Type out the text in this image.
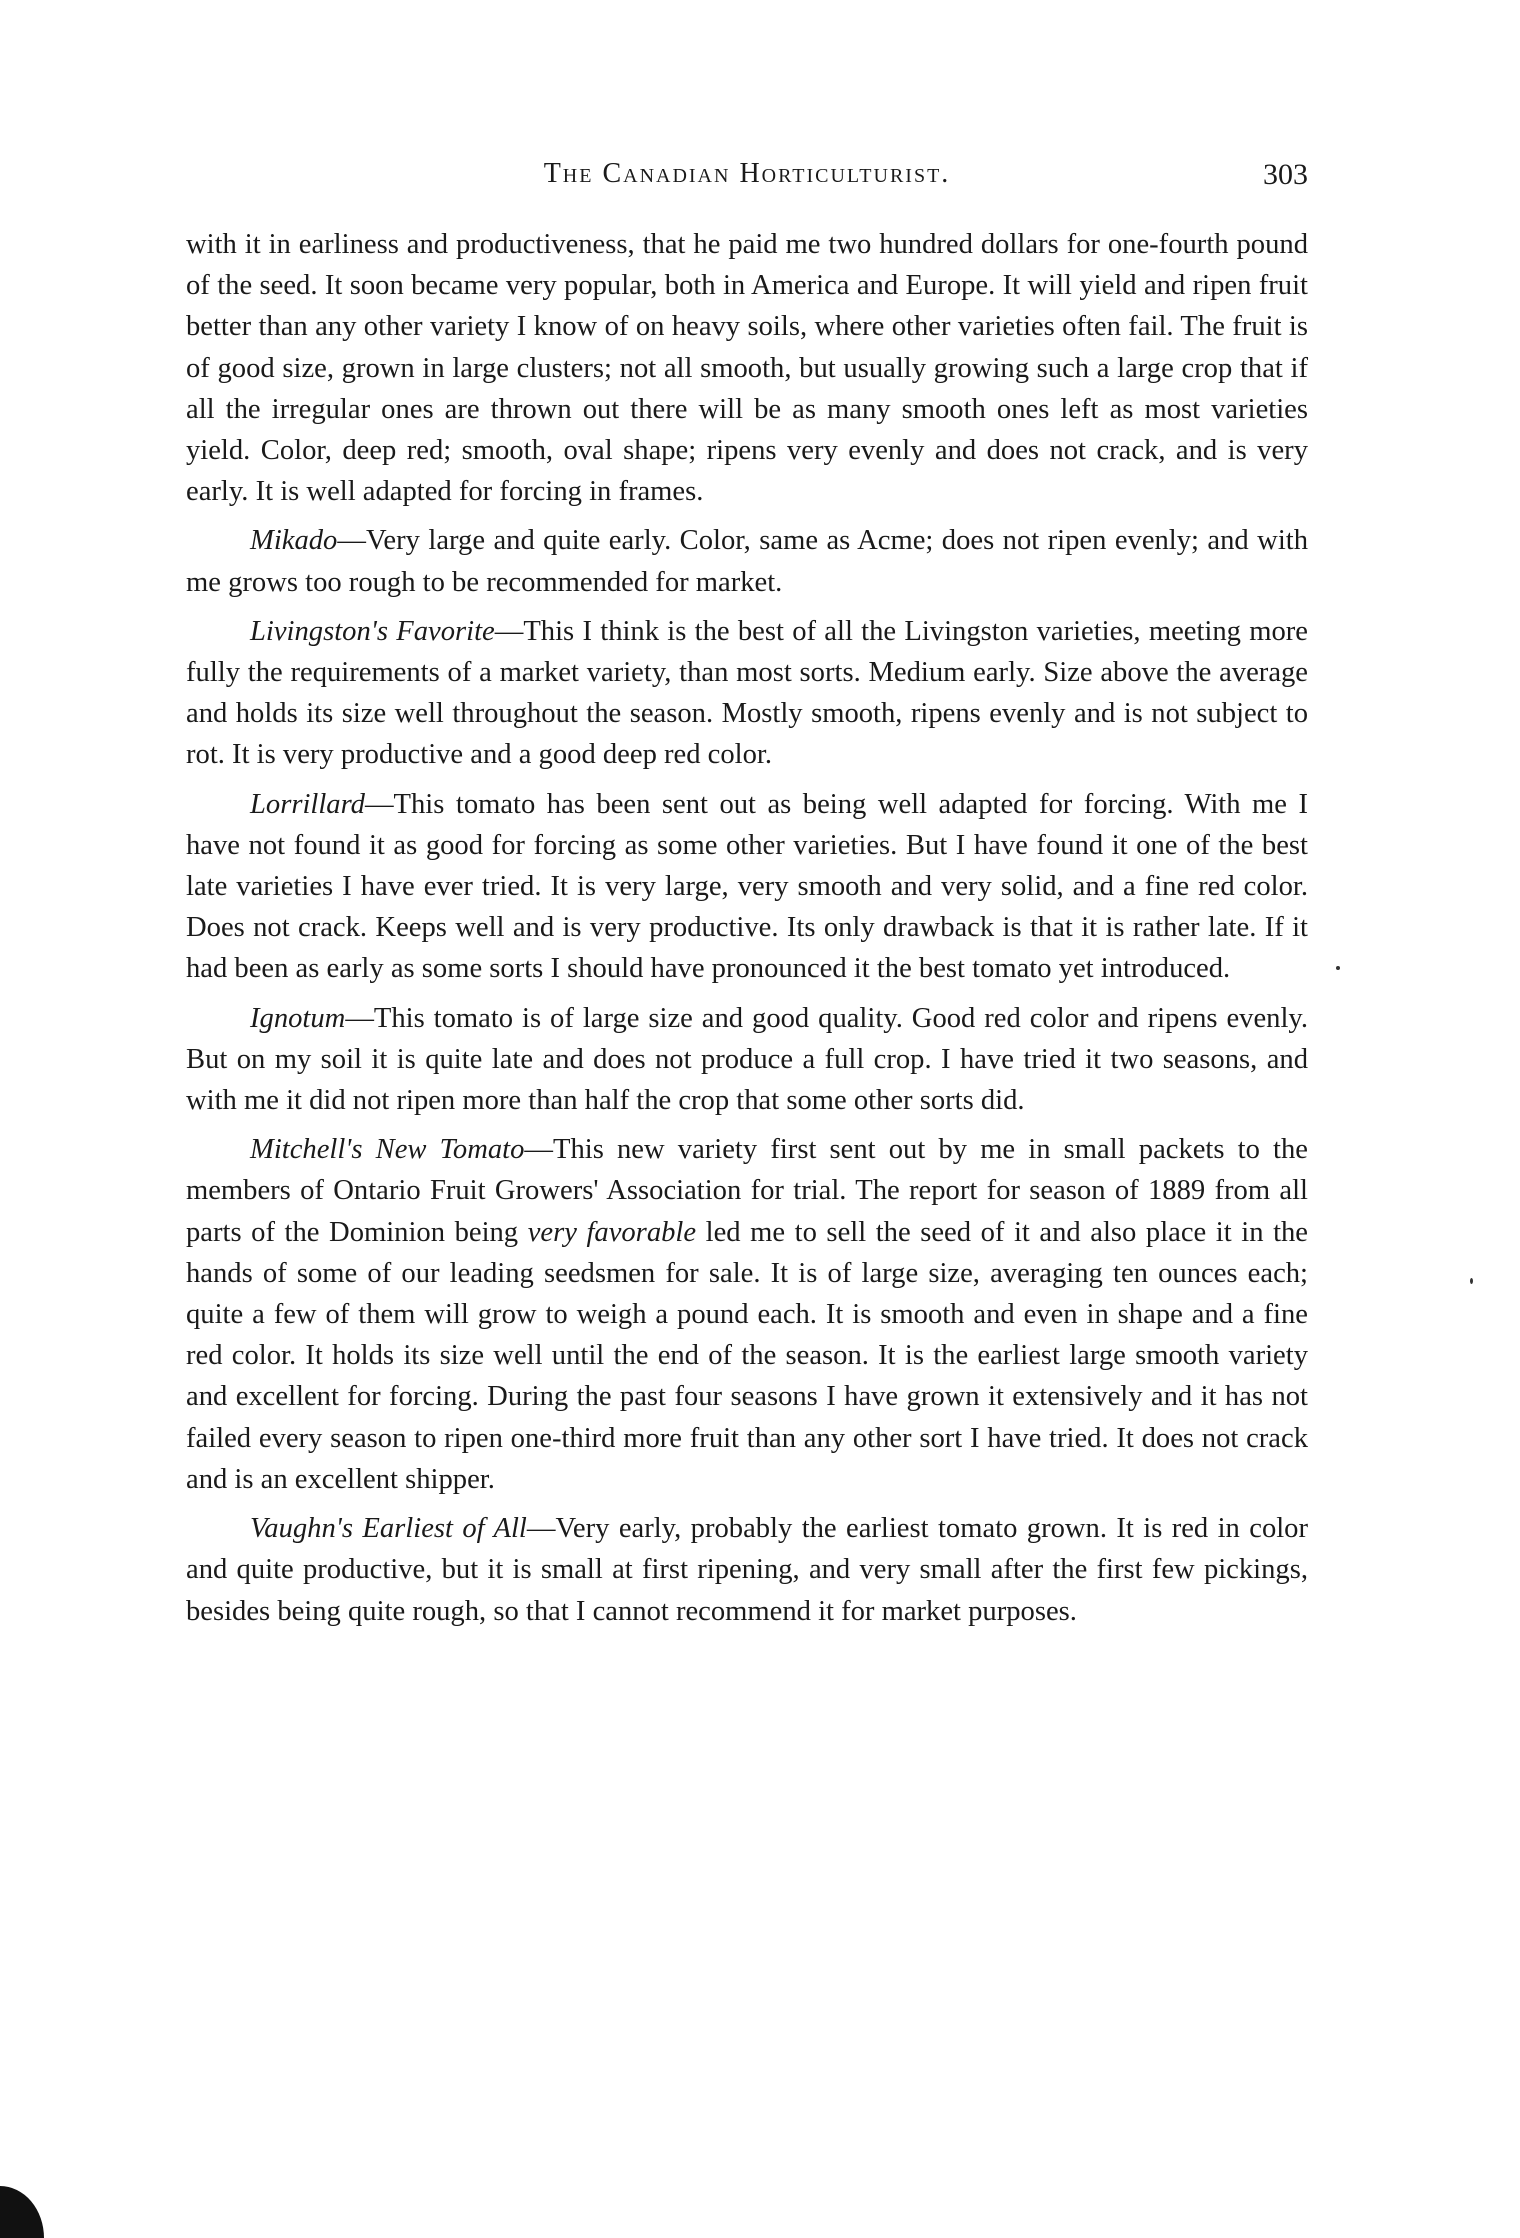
The Canadian Horticulturist.	303

with it in earliness and productiveness, that he paid me two hundred dollars for one-fourth pound of the seed. It soon became very popular, both in America and Europe. It will yield and ripen fruit better than any other variety I know of on heavy soils, where other varieties often fail. The fruit is of good size, grown in large clusters; not all smooth, but usually growing such a large crop that if all the irregular ones are thrown out there will be as many smooth ones left as most varieties yield. Color, deep red; smooth, oval shape; ripens very evenly and does not crack, and is very early. It is well adapted for forcing in frames.

Mikado—Very large and quite early. Color, same as Acme; does not ripen evenly; and with me grows too rough to be recommended for market.

Livingston's Favorite—This I think is the best of all the Livingston varieties, meeting more fully the requirements of a market variety, than most sorts. Medium early. Size above the average and holds its size well throughout the season. Mostly smooth, ripens evenly and is not subject to rot. It is very productive and a good deep red color.

Lorrillard—This tomato has been sent out as being well adapted for forcing. With me I have not found it as good for forcing as some other varieties. But I have found it one of the best late varieties I have ever tried. It is very large, very smooth and very solid, and a fine red color. Does not crack. Keeps well and is very productive. Its only drawback is that it is rather late. If it had been as early as some sorts I should have pronounced it the best tomato yet introduced.

Ignotum—This tomato is of large size and good quality. Good red color and ripens evenly. But on my soil it is quite late and does not produce a full crop. I have tried it two seasons, and with me it did not ripen more than half the crop that some other sorts did.

Mitchell's New Tomato—This new variety first sent out by me in small packets to the members of Ontario Fruit Growers' Association for trial. The report for season of 1889 from all parts of the Dominion being very favorable led me to sell the seed of it and also place it in the hands of some of our leading seedsmen for sale. It is of large size, averaging ten ounces each; quite a few of them will grow to weigh a pound each. It is smooth and even in shape and a fine red color. It holds its size well until the end of the season. It is the earliest large smooth variety and excellent for forcing. During the past four seasons I have grown it extensively and it has not failed every season to ripen one-third more fruit than any other sort I have tried. It does not crack and is an excellent shipper.

Vaughn's Earliest of All—Very early, probably the earliest tomato grown. It is red in color and quite productive, but it is small at first ripening, and very small after the first few pickings, besides being quite rough, so that I cannot recommend it for market purposes.
